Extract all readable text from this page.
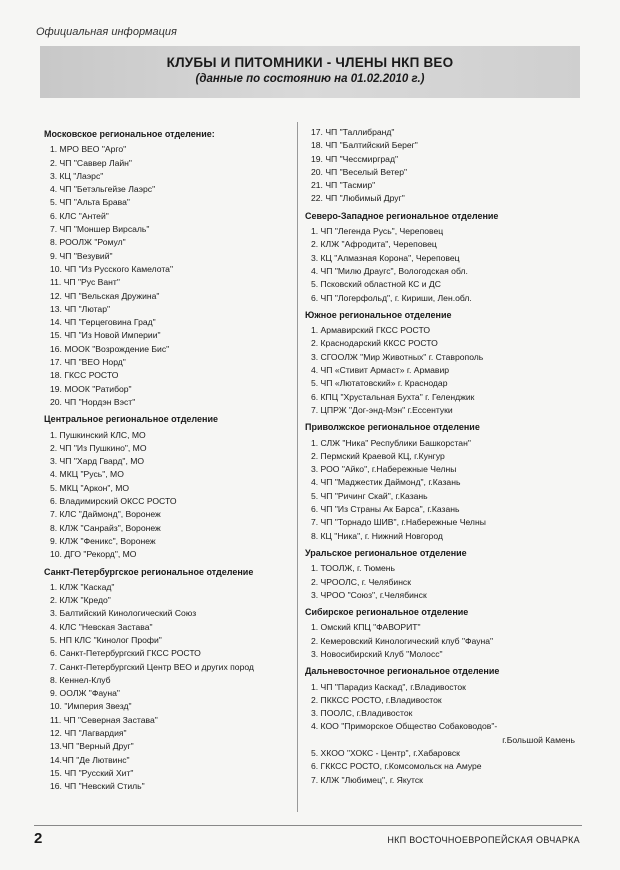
Официальная информация
КЛУБЫ И ПИТОМНИКИ - ЧЛЕНЫ НКП ВЕО
(данные по состоянию на 01.02.2010 г.)
Московское региональное отделение:
1. МРО ВЕО "Арго"
2. ЧП "Саввер Лайн"
3. КЦ "Лаэрс"
4. ЧП "Бетэльгейзе Лаэрс"
5. ЧП "Альта Брава"
6. КЛС "Антей"
7. ЧП "Моншер Вирсаль"
8. РООЛЖ "Ромул"
9. ЧП "Везувий"
10. ЧП "Из Русского Камелота"
11. ЧП "Рус Вант"
12. ЧП "Вельская Дружина"
13. ЧП "Лютар"
14. ЧП "Герцеговина Град"
15. ЧП "Из Новой Империи"
16. МООК "Возрождение Бис"
17. ЧП "ВЕО Норд"
18. ГКСС РОСТО
19. МООК "Ратибор"
20. ЧП "Нордэн Вэст"
Центральное региональное отделение
1. Пушкинский КЛС, МО
2. ЧП "Из Пушкино", МО
3. ЧП "Хард Гвард", МО
4. МКЦ "Русь", МО
5. МКЦ "Аркон", МО
6. Владимирский ОКСС РОСТО
7. КЛС "Даймонд", Воронеж
8. КЛЖ "Санрайз", Воронеж
9. КЛЖ "Феникс", Воронеж
10. ДГО "Рекорд", МО
Санкт-Петербургское региональное отделение
1. КЛЖ "Каскад"
2. КЛЖ "Кредо"
3. Балтийский Кинологический Союз
4. КЛС "Невская Застава"
5. НП КЛС "Кинолог Профи"
6. Санкт-Петербургский ГКСС РОСТО
7. Санкт-Петербургский Центр ВЕО и других пород
8. Кеннел-Клуб
9. ООЛЖ "Фауна"
10. "Империя Звезд"
11. ЧП "Северная Застава"
12. ЧП "Лагвардия"
13.ЧП "Верный Друг"
14.ЧП "Де Лютвинс"
15. ЧП "Русский Хит"
16. ЧП "Невский Стиль"
17. ЧП "Таллибранд"
18. ЧП "Балтийский Берег"
19. ЧП "Чессмирград"
20. ЧП "Веселый Ветер"
21. ЧП "Тасмир"
22. ЧП "Любимый Друг"
Северо-Западное региональное отделение
1. ЧП "Легенда Русь", Череповец
2. КЛЖ "Афродита", Череповец
3. КЦ "Алмазная Корона", Череповец
4. ЧП "Милю Драугс", Вологодская обл.
5. Псковский областной КС и ДС
6. ЧП "Логерфольд", г. Кириши, Лен.обл.
Южное региональное отделение
1. Армавирский ГКСС РОСТО
2. Краснодарский ККСС РОСТО
3. СГООЛЖ "Мир Животных" г. Ставрополь
4. ЧП «Стивит Армаст» г. Армавир
5. ЧП «Лютатовский» г. Краснодар
6. КПЦ "Хрустальная Бухта" г. Геленджик
7. ЦПРЖ "Дог-энд-Мэн" г.Ессентуки
Приволжское региональное отделение
1. СЛЖ "Ника" Республики Башкорстан"
2. Пермский Краевой КЦ, г.Кунгур
3. РОО "Айко", г.Набережные Челны
4. ЧП "Маджестик Даймонд", г.Казань
5. ЧП "Ричинг Скай", г.Казань
6. ЧП "Из Страны Ак Барса", г.Казань
7. ЧП "Торнадо ШИВ", г.Набережные Челны
8. КЦ "Ника", г. Нижний Новгород
Уральское региональное отделение
1. ТООЛЖ, г. Тюмень
2. ЧРООЛС, г. Челябинск
3. ЧРОО "Союз", г.Челябинск
Сибирское региональное отделение
1. Омский КПЦ "ФАВОРИТ"
2. Кемеровский Кинологический клуб "Фауна"
3. Новосибирский Клуб "Молосс"
Дальневосточное региональное отделение
1. ЧП "Парадиз Каскад", г.Владивосток
2. ПККСС РОСТО, г.Владивосток
3. ПООЛС, г.Владивосток
4. КОО "Приморское Общество Собаководов"-
г.Большой Камень
5. ХКОО "ХОКС - Центр", г.Хабаровск
6. ГККСС РОСТО, г.Комсомольск на Амуре
7. КЛЖ "Любимец", г. Якутск
2	НКП ВОСТОЧНОЕВРОПЕЙСКАЯ ОВЧАРКА
